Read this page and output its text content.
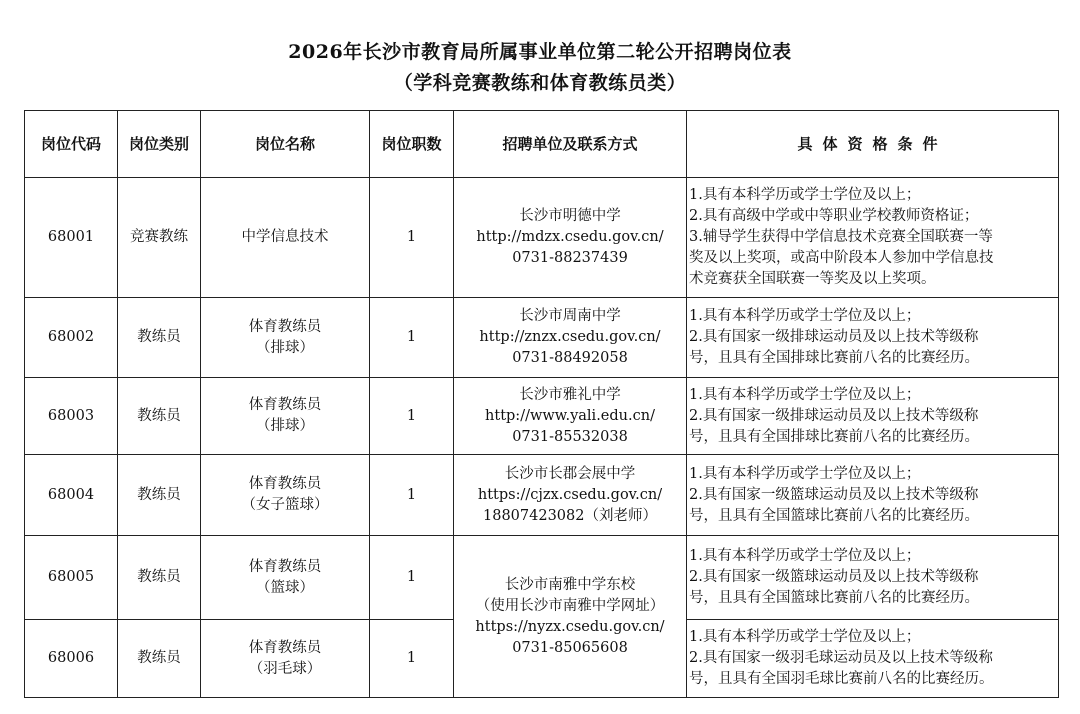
2026年长沙市教育局所属事业单位第二轮公开招聘岗位表
（学科竞赛教练和体育教练员类）
岗位代码	岗位类别	岗位名称	岗位职数	招聘单位及联系方式	具体资格条件
68001	竞赛教练	中学信息技术	1	长沙市明德中学
http://mdzx.csedu.gov.cn/
0731-88237439	1.具有本科学历或学士学位及以上；
2.具有高级中学或中等职业学校教师资格证；
3.辅导学生获得中学信息技术竞赛全国联赛一等
奖及以上奖项，或高中阶段本人参加中学信息技
术竞赛获全国联赛一等奖及以上奖项。

68002	教练员	体育教练员
（排球）	1	长沙市周南中学
http://znzx.csedu.gov.cn/
0731-88492058	1.具有本科学历或学士学位及以上；
2.具有国家一级排球运动员及以上技术等级称
号，且具有全国排球比赛前八名的比赛经历。

68003	教练员	体育教练员
（排球）	1	长沙市雅礼中学
http://www.yali.edu.cn/
0731-85532038	1.具有本科学历或学士学位及以上；
2.具有国家一级排球运动员及以上技术等级称
号，且具有全国排球比赛前八名的比赛经历。

68004	教练员	体育教练员
（女子篮球）	1	长沙市长郡会展中学
https://cjzx.csedu.gov.cn/
18807423082（刘老师）	1.具有本科学历或学士学位及以上；
2.具有国家一级篮球运动员及以上技术等级称
号，且具有全国篮球比赛前八名的比赛经历。

68005	教练员	体育教练员
（篮球）	1	长沙市南雅中学东校
（使用长沙市南雅中学网址）
https://nyzx.csedu.gov.cn/
0731-85065608	1.具有本科学历或学士学位及以上；
2.具有国家一级篮球运动员及以上技术等级称
号，且具有全国篮球比赛前八名的比赛经历。

68006	教练员	体育教练员
（羽毛球）	1		1.具有本科学历或学士学位及以上；
2.具有国家一级羽毛球运动员及以上技术等级称
号，且具有全国羽毛球比赛前八名的比赛经历。
